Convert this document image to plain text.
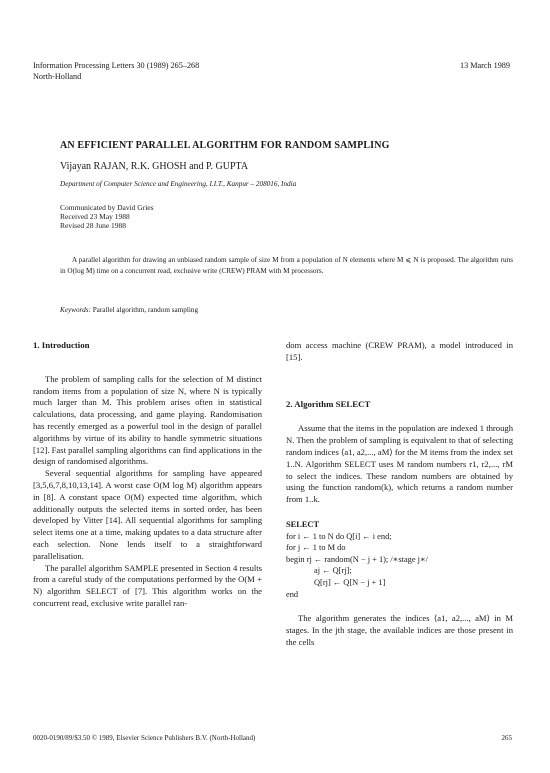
Information Processing Letters 30 (1989) 265–268
North-Holland
13 March 1989
AN EFFICIENT PARALLEL ALGORITHM FOR RANDOM SAMPLING
Vijayan RAJAN, R.K. GHOSH and P. GUPTA
Department of Computer Science and Engineering, I.I.T., Kanpur – 208016, India
Communicated by David Gries
Received 23 May 1988
Revised 28 June 1988
A parallel algorithm for drawing an unbiased random sample of size M from a population of N elements where M ⩽ N is proposed. The algorithm runs in O(log M) time on a concurrent read, exclusive write (CREW) PRAM with M processors.
Keywords: Parallel algorithm, random sampling
1. Introduction

The problem of sampling calls for the selection of M distinct random items from a population of size N, where N is typically much larger than M. This problem arises often in statistical calculations, data processing, and game playing. Randomisation has recently emerged as a powerful tool in the design of parallel algorithms by virtue of its ability to handle symmetric situations [12]. Fast parallel sampling algorithms can find applications in the design of randomised algorithms.

Several sequential algorithms for sampling have appeared [3,5,6,7,8,10,13,14]. A worst case O(M log M) algorithm appears in [8]. A constant space O(M) expected time algorithm, which additionally outputs the selected items in sorted order, has been developed by Vitter [14]. All sequential algorithms for sampling select items one at a time, making updates to a data structure after each selection. None lends itself to a straightforward parallelisation.

The parallel algorithm SAMPLE presented in Section 4 results from a careful study of the computations performed by the O(M + N) algorithm SELECT of [7]. This algorithm works on the concurrent read, exclusive write parallel ran-

dom access machine (CREW PRAM), a model introduced in [15].

2. Algorithm SELECT

Assume that the items in the population are indexed 1 through N. Then the problem of sampling is equivalent to that of selecting random indices ⟨a1, a2,..., aM⟩ for the M items from the index set 1..N. Algorithm SELECT uses M random numbers r1, r2,..., rM to select the indices. These random numbers are obtained by using the function random(k), which returns a random number from 1..k.

SELECT
for i ← 1 to N do Q[i] ← i end;
for j ← 1 to M do
begin rj ← random(N − j + 1); /∗stage j∗/
aj ← Q[rj];
Q[rj] ← Q[N − j + 1]
end

The algorithm generates the indices ⟨a1, a2,..., aM⟩ in M stages. In the jth stage, the available indices are those present in the cells

0020-0190/89/$3.50 © 1989, Elsevier Science Publishers B.V. (North-Holland)	265
